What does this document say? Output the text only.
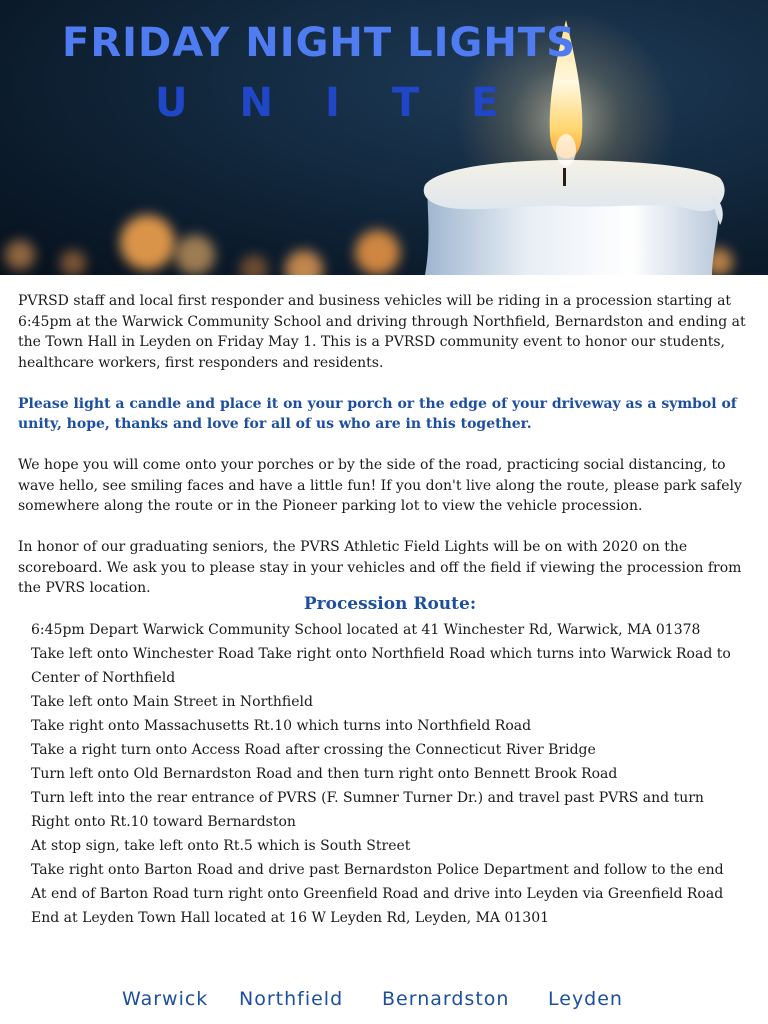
FRIDAY NIGHT LIGHTS
UNITE

PVRSD staff and local first responder and business vehicles will be riding in a procession starting at 6:45pm at the Warwick Community School and driving through Northfield, Bernardston and ending at the Town Hall in Leyden on Friday May 1. This is a PVRSD community event to honor our students, healthcare workers, first responders and residents.

Please light a candle and place it on your porch or the edge of your driveway as a symbol of unity, hope, thanks and love for all of us who are in this together.

We hope you will come onto your porches or by the side of the road, practicing social distancing, to wave hello, see smiling faces and have a little fun! If you don't live along the route, please park safely somewhere along the route or in the Pioneer parking lot to view the vehicle procession.

In honor of our graduating seniors, the PVRS Athletic Field Lights will be on with 2020 on the scoreboard. We ask you to please stay in your vehicles and off the field if viewing the procession from the PVRS location.

Procession Route:
6:45pm Depart Warwick Community School located at 41 Winchester Rd, Warwick, MA 01378
Take left onto Winchester Road Take right onto Northfield Road which turns into Warwick Road to Center of Northfield
Take left onto Main Street in Northfield
Take right onto Massachusetts Rt.10 which turns into Northfield Road
Take a right turn onto Access Road after crossing the Connecticut River Bridge
Turn left onto Old Bernardston Road and then turn right onto Bennett Brook Road
Turn left into the rear entrance of PVRS (F. Sumner Turner Dr.) and travel past PVRS and turn Right onto Rt.10 toward Bernardston
At stop sign, take left onto Rt.5 which is South Street
Take right onto Barton Road and drive past Bernardston Police Department and follow to the end
At end of Barton Road turn right onto Greenfield Road and drive into Leyden via Greenfield Road
End at Leyden Town Hall located at 16 W Leyden Rd, Leyden, MA 01301
Warwick Northfield Bernardston Leyden
